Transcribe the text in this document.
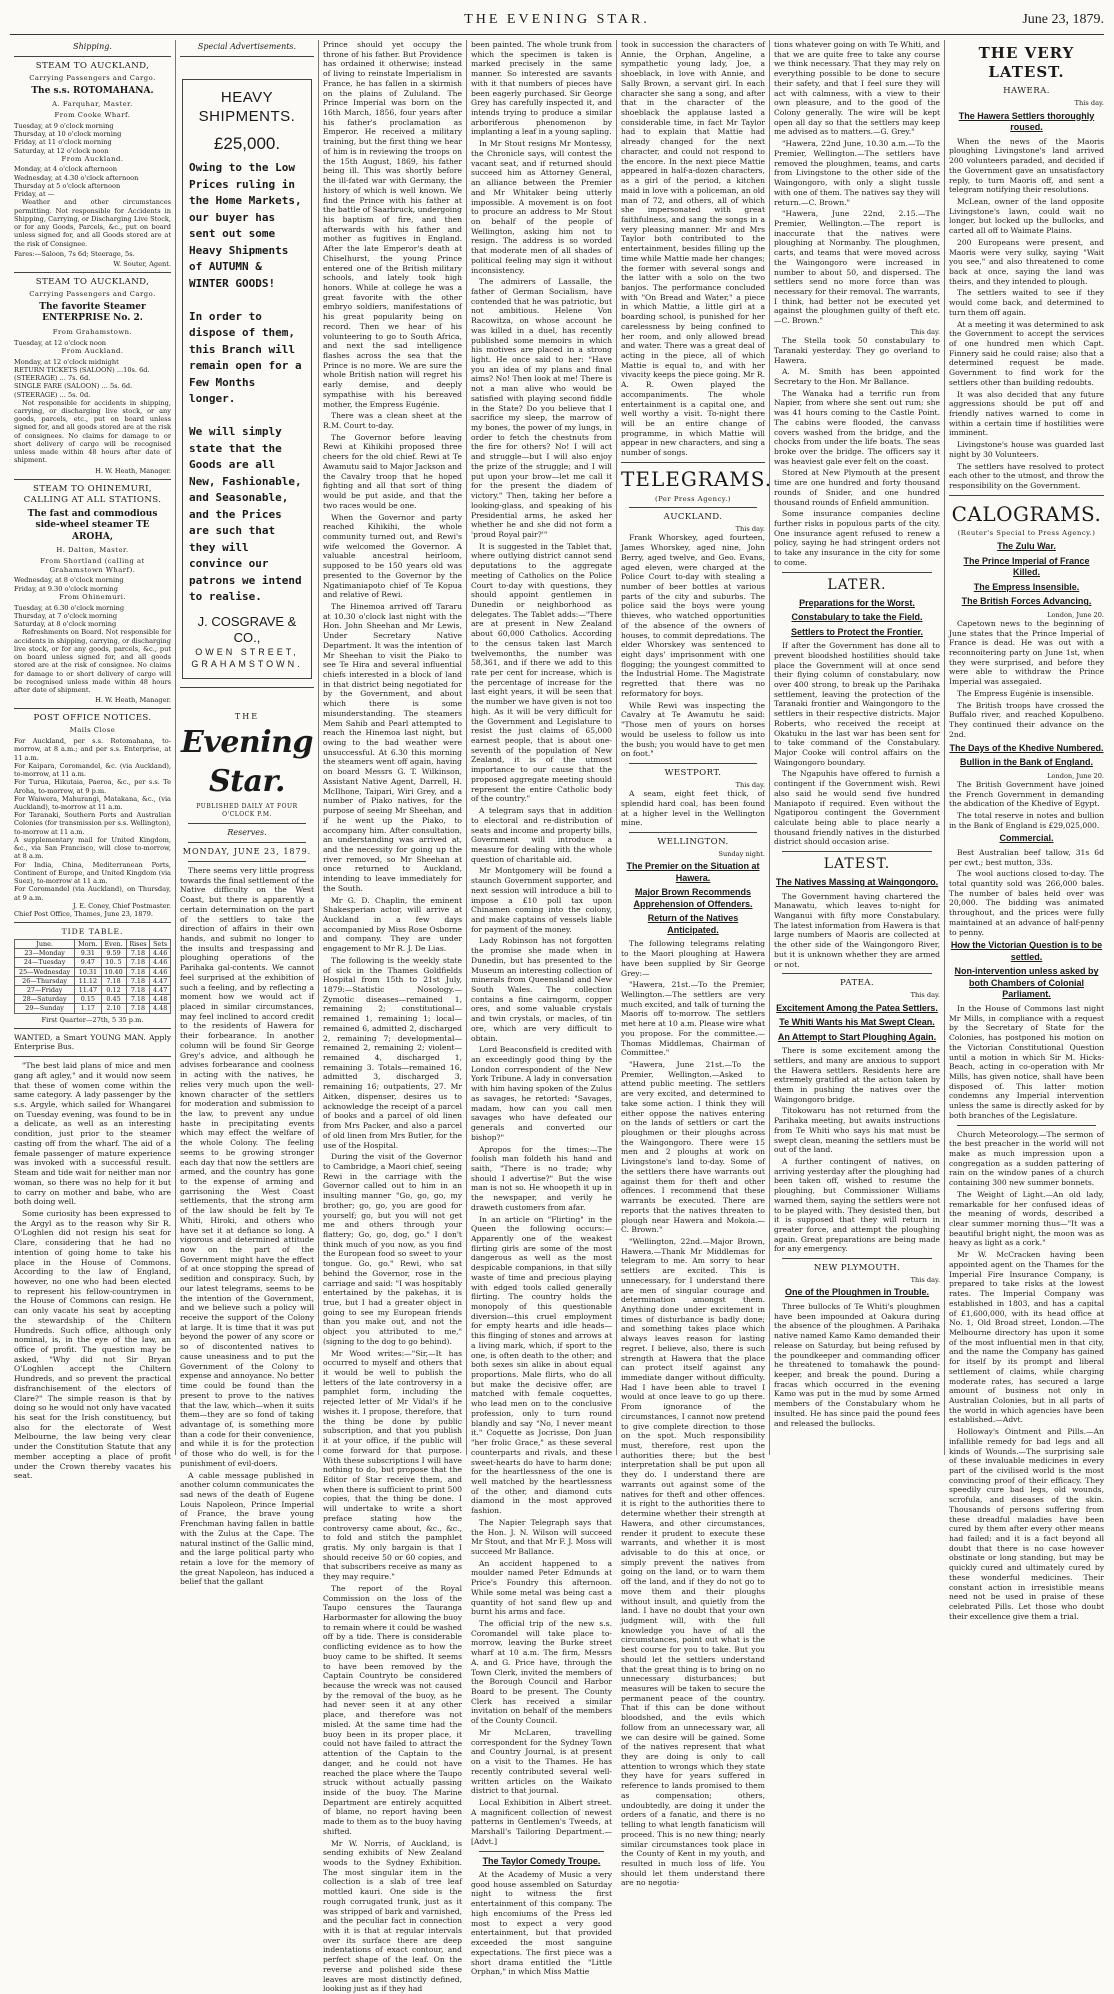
THE EVENING STAR.	June 23, 1879.
Shipping.
STEAM TO AUCKLAND,
Carrying Passengers and Cargo.
The s.s. ROTOMAHANA.
A. Farquhar, Master.
From Cooke Wharf.
Tuesday, at 9 o'clock morning
Thursday, at 10 o'clock morning
Friday, at 11 o'clock morning
Saturday, at 12 o'clock noon
From Auckland.
Monday, at 4 o'clock afternoon
Wednesday, at 4.30 o'clock afternoon
Thursday at 5 o'clock afternoon
Friday, at —

Weather and other circumstances permitting. Not responsible for Accidents in Shipping, Carrying, or Discharging Live Stock, or for any Goods, Parcels, &c., put on board unless signed for, and all Goods stored are at the risk of Consignee.

Fares:—Saloon, 7s 6d; Steerage, 5s.

W. Souter, Agent.
STEAM TO AUCKLAND,
Carrying Passengers and Cargo.
The favorite Steamer ENTERPRISE No. 2.
From Grahamstown.
Tuesday, at 12 o'clock noon
From Auckland.
Monday, at 12 o'clock midnight
RETURN TICKETS (SALOON) ...10s. 6d.
(STEERAGE) ... 7s. 6d.
SINGLE FARE (SALOON) ... 5s. 6d.
(STEERAGE) ... 5s. 0d.

Not responsible for accidents in shipping, carrying, or discharging live stock, or any goods, parcels, etc., put on board unless signed for, and all goods stored are at the risk of consignees. No claims for damage to or short delivery of cargo will be recognised unless made within 48 hours after date of shipment.

H. W. Heath, Manager.
STEAM TO OHINEMURI, CALLING AT ALL STATIONS.
The fast and commodious side-wheel steamer TE AROHA,
H. Dalton, Master.
From Shortland (calling at Grahamstown Wharf).
Wednesday, at 8 o'clock morning
Friday, at 9.30 o'clock morning
From Ohinemuri.
Tuesday, at 6.30 o'clock morning
Thursday, at 7 o'clock morning
Saturday, at 8 o'clock morning

Refreshments on Board. Not responsible for accidents in shipping, carrying, or discharging live stock, or for any goods, parcels, &c., put on board unless signed for, and all goods stored are at the risk of consignee. No claims for damage to or short delivery of cargo will be recognised unless made within 48 hours after date of shipment.

H. W. Heath, Manager.
POST OFFICE NOTICES.
Mails Close
For Auckland, per s.s. Rotomahana, to-morrow, at 8 a.m.; and per s.s. Enterprise, at 11 a.m.
For Kaipara, Coromandel, &c. (via Auckland), to-morrow, at 11 a.m.
For Turua, Hikutaia, Paeroa, &c., per s.s. Te Aroha, to-morrow, at 9 p.m.
For Waiwera, Mahurangi, Matakana, &c., (via Auckland), to-morrow at 11 a.m.
For Taranaki, Southern Ports and Australian Colonies (for transmission per s.s. Wellington), to-morrow at 11 a.m.
A supplementary mail for United Kingdom, &c., via San Francisco, will close to-morrow, at 8 a.m.
For India, China, Mediterranean Ports, Continent of Europe, and United Kingdom (via Suez), to-morrow at 11 a.m.
For Coromandel (via Auckland), on Thursday, at 9 a.m.
J. E. Coney, Chief Postmaster.
Chief Post Office, Thames, June 23, 1879.
TIDE TABLE.
June.	Morn.	Even.	Rises	Sets
23—Monday	9.31	9.59	7.18	4.46
24—Tuesday	9.47	10. 5	7.18	4.46
25—Wednesday	10.31	10.40	7.18	4.46
26—Thursday	11.12	7.18	7.18	4.47
27—Friday	11.47	0.12	7.18	4.47
28—Saturday	0.15	0.45	7.18	4.48
29—Sunday	1.17	2.10	7.18	4.48
First Quarter—27th, 5 35 p.m.

WANTED, a Smart YOUNG MAN. Apply Enterprise Bus.

"The best laid plans of mice and men gang aft agley," and it would now seem that these of women come within the same category. A lady passenger by the s.s. Argyle, which sailed for Whangarei on Tuesday evening, was found to be in a delicate, as well as an interesting condition, just prior to the steamer casting off from the wharf. The aid of a female passenger of mature experience was invoked with a successful result. Steam and tide wait for neither man nor woman, so there was no help for it but to carry on mother and babe, who are both doing well.

Some curiosity has been expressed to the Argyl as to the reason why Sir R. O'Loghlen did not resign his seat for Clare, considering that he had no intention of going home to take his place in the House of Commons. According to the law of England, however, no one who had been elected to represent his fellow-countrymen in the House of Commons can resign. He can only vacate his seat by accepting the stewardship of the Chiltern Hundreds. Such office, although only nominal, is, in the eye of the law, an office of profit. The question may be asked, "Why did not Sir Bryan O'Loghlen accept the Chiltern Hundreds, and so prevent the practical disfranchisement of the electors of Clare?" The simple reason is that by doing so he would not only have vacated his seat for the Irish constituency, but also for the electorate of West Melbourne, the law being very clear under the Constitution Statute that any member accepting a place of profit under the Crown thereby vacates his seat.

Special Advertisements.
HEAVY SHIPMENTS.
£25,000.
Owing to the Low Prices ruling in the Home Markets, our buyer has sent out some Heavy Shipments of AUTUMN & WINTER GOODS!

In order to dispose of them, this Branch will remain open for a Few Months longer.

We will simply state that the Goods are all New, Fashionable, and Seasonable, and the Prices are such that they will convince our patrons we intend to realise.
J. COSGRAVE & CO.,
OWEN STREET,
GRAHAMSTOWN.
THE
Evening Star.
PUBLISHED DAILY AT FOUR O'CLOCK P.M.
Reserves.
MONDAY, JUNE 23, 1879.

There seems very little progress towards the final settlement of the Native difficulty on the West Coast, but there is apparently a certain determination on the part of the settlers to take the direction of affairs in their own hands, and submit no longer to the insults and trespassing and ploughing operations of the Parihaka gal-contents. We cannot feel surprised at the exhibition of such a feeling, and by reflecting a moment how we would act if placed in similar circumstances, may feel inclined to accord credit to the residents of Hawera for their forbearance. In another column will be found Sir George Grey's advice, and although he advises forbearance and coolness in acting with the natives, he relies very much upon the well-known character of the settlers for moderation and submission to the law, to prevent any undue haste in precipitating events which may effect the welfare of the whole Colony. The feeling seems to be growing stronger each day that now the settlers are armed, and the country has gone to the expense of arming and garrisoning the West Coast settlements, that the strong arm of the law should be felt by Te Whiti, Hiroki, and others who have set it at defiance so long. A vigorous and determined attitude now on the part of the Government might have the effect of at once stopping the spread of sedition and conspiracy. Such, by our latest telegrams, seems to be the intention of the Government, and we believe such a policy will receive the support of the Colony at large. It is time that it was put beyond the power of any score or so of discontented natives to cause uneasiness and to put the Government of the Colony to expense and annoyance. No better time could be found than the present to prove to the natives that the law, which—when it suits them—they are so fond of taking advantage of, is something more than a code for their convenience, and while it is for the protection of those who do well, is for the punishment of evil-doers.

A cable message published in another column communicates the sad news of the death of Eugene Louis Napoleon, Prince Imperial of France, the brave young Frenchman having fallen in battle with the Zulus at the Cape. The natural instinct of the Gallic mind, and the large political party who retain a love for the memory of the great Napoleon, has induced a belief that the gallant

Prince should yet occupy the throne of his father. But Providence has ordained it otherwise; instead of living to reinstate Imperialism in France, he has fallen in a skirmish on the plains of Zululand. The Prince Imperial was born on the 16th March, 1856, four years after his father's proclamation as Emperor. He received a military training, but the first thing we hear of him is in reviewing the troops on the 15th August, 1869, his father being ill. This was shortly before the ill-fated war with Germany, the history of which is well known. We find the Prince with his father at the battle of Saarbruck, undergoing his baptism of fire, and then afterwards with his father and mother as fugitives in England. After the late Emperor's death at Chiselhurst, the young Prince entered one of the British military schools, and lately took high honors. While at college he was a great favorite with the other embryo soldiers, manifestations of his great popularity being on record. Then we hear of his volunteering to go to South Africa, and next the sad intelligence flashes across the sea that the Prince is no more. We are sure the whole British nation will regret his early demise, and deeply sympathise with his bereaved mother, the Empress Eugénie.

There was a clean sheet at the R.M. Court to-day.

The Governor before leaving Rewi at Kihikihi proposed three cheers for the old chief. Rewi at Te Awamutu said to Major Jackson and the Cavalry troop that he hoped fighting and all that sort of thing would be put aside, and that the two races would be one.

When the Governor and party reached Kihikihi, the whole community turned out, and Rewi's wife welcomed the Governor. A valuable ancestral heirloom, supposed to be 150 years old was presented to the Governor by the Ngatimaniapoto chief of Te Kopua and relative of Rewi.

The Hinemoa arrived off Tararu at 10.30 o'clock last night with the Hon. John Sheehan and Mr Lewis, Under Secretary Native Department. It was the intention of Mr Sheehan to visit the Piako to see Te Hira and several influential chiefs interested in a block of land in that district being negotiated for by the Government, and about which there is some misunderstanding. The steamers Mem Sahib and Pearl attempted to reach the Hinemoa last night, but owing to the bad weather were unsuccessful. At 6.30 this morning the steamers went off again, having on board Messrs G. T. Wilkinson, Assistant Native Agent, Darrell, H. McIlhone, Taipari, Wiri Grey, and a number of Piako natives, for the purpose of seeing Mr Sheehan, and if he went up the Piako, to accompany him. After consultation, an understanding was arrived at, and the necessity for going up the river removed, so Mr Sheehan at once returned to Auckland, intending to leave immediately for the South.

Mr G. D. Chaplin, the eminent Shakesperian actor, will arrive at Auckland in a few days accompanied by Miss Rose Osborne and company. They are under engagement to Mr R. J. De Lias.

The following is the weekly state of sick in the Thames Goldfields Hospital from 15th to 21st July, 1879:—Statistic Nosology.—Zymotic diseases—remained 1, remaining 2; constitutional—remained 1, remaining 1; local—remained 6, admitted 2, discharged 2, remaining 7; developmental—remained 2, remaining 2; violent—remained 4, discharged 1, remaining 3. Totals—remained 16, admitted 3, discharged 3, remaining 16; outpatients, 27. Mr Aitken, dispenser, desires us to acknowledge the receipt of a parcel of books and a parcel of old linen from Mrs Packer, and also a parcel of old linen from Mrs Butler, for the use of the Hospital.

During the visit of the Governor to Cambridge, a Maori chief, seeing Rewi in the carriage with the Governor called out to him in an insulting manner "Go, go, go, my brother; go, go, you are good for yourself; go, but you will not get me and others through your flattery; Go, go, dog, go." I don't think much of you now, as you find the European food so sweet to your tongue. Go, go." Rewi, who sat behind the Governor, rose in the carriage and said: "I was hospitably entertained by the pakehas, it is true, but I had a greater object in going to see my European friends than you make out, and not the object you attributed to me," (signing to the dog to go behind).

Mr Wood writes:—"Sir,—It has occurred to myself and others that it would be well to publish the letters of the late controversy in a pamphlet form, including the rejected letter of Mr Vidal's if he wishes it. I propose, therefore, that the thing be done by public subscription, and that you publish it at your office, if the public will come forward for that purpose. With these subscriptions I will have nothing to do, but propose that the Editor of Star receive them, and when there is sufficient to print 500 copies, that the thing be done. I will undertake to write a short preface stating how the controversy came about, &c., &c., to fold and stitch the pamphlet gratis. My only bargain is that I should receive 50 or 60 copies, and that subscribers receive as many as they may require."

The report of the Royal Commission on the loss of the Taupo censures the Tauranga Harbormaster for allowing the buoy to remain where it could be washed off by a tide. There is considerable conflicting evidence as to how the buoy came to be shifted. It seems to have been removed by the Captain Countryto be considered because the wreck was not caused by the removal of the buoy, as he had never seen it at any other place, and therefore was not misled. At the same time had the buoy been in its proper place, it could not have failed to attract the attention of the Captain to the danger, and he could not have reached the place where the Taupo struck without actually passing inside of the buoy. The Marine Department are entirely acquitted of blame, no report having been made to them as to the buoy having shifted.

Mr W. Norris, of Auckland, is sending exhibits of New Zealand woods to the Sydney Exhibition. The most singular item in the collection is a slab of tree leaf mottled kauri. One side is the rough corrugated trunk, just as it was stripped of bark and varnished, and the peculiar fact in connection with it is that at regular intervals over its surface there are deep indentations of exact contour, and perfect shape of the leaf. On the reverse and polished side these leaves are most distinctly defined, looking just as if they had

been painted. The whole trunk from which the specimen is taken is marked precisely in the same manner. So interested are savants with it that numbers of pieces have been eagerly purchased. Sir George Grey has carefully inspected it, and intends trying to produce a similar arboriferous phenomenon by implanting a leaf in a young sapling.

In Mr Stout resigns Mr Montessy, the Chronicle says, will contest the vacant seat, and if returned should succeed him as Attorney General, an alliance between the Premier and Mr Whitaker being utterly impossible. A movement is on foot to procure an address to Mr Stout on behalf of the people of Wellington, asking him not to resign. The address is so worded that moderate men of all shades of political feeling may sign it without inconsistency.

The admirers of Lassalle, the father of German Socialism, have contended that he was patriotic, but not ambitious. Helene Von Racowitza, on whose account he was killed in a duel, has recently published some memoirs in which his motives are placed in a strong light. He once said to her: "Have you an idea of my plans and final aims? No! Then look at me! There is not a man alive who would be satisfied with playing second fiddle in the State? Do you believe that I sacrifice my sleep, the marrow of my bones, the power of my lungs, in order to fetch the chestnuts from the fire for others? No! I will act and struggle—but I will also enjoy the prize of the struggle; and I will put upon your brow—let me call it for the present the diadem of victory." Then, taking her before a looking-glass, and speaking of his Presidential arms, he asked her whether he and she did not form a 'proud Royal pair?'"

It is suggested in the Tablet that, where outlying district cannot send deputations to the aggregate meeting of Catholics on the Police Court to-day with questions, they should appoint gentlemen in Dunedin or neighborhood as delegates. The Tablet adds:—"There are at present in New Zealand about 60,000 Catholics. According to the census taken last March twelvemonths, the number was 58,361, and if there we add to this rate per cent for increase, which is the percentage of increase for the last eight years, it will be seen that the number we have given is not too high. As it will be very difficult for the Government and Legislature to resist the just claims of 65,000 earnest people, that is about one-seventh of the population of New Zealand, it is of the utmost importance to our cause that the proposed aggregate meeting should represent the entire Catholic body of the country."

A telegram says that in addition to electoral and re-distribution of seats and income and property bills, Government will introduce a measure for dealing with the whole question of charitable aid.

Mr Montgomery will be found a staunch Government supporter, and next session will introduce a bill to impose a £10 poll tax upon Chinamen coming into the colony, and make captains of vessels liable for payment of the money.

Lady Robinson has not forgotten the promise she made when in Dunedin, but has presented to the Museum an interesting collection of minerals from Queensland and New South Wales. The collection contains a fine cairngorm, copper ores, and some valuable crystals and twin crystals, or macles, of tin ore, which are very difficult to obtain.

Lord Beaconsfield is credited with an exceedingly good thing by the London correspondent of the New York Tribune. A lady in conversation with him having spoken of the Zulus as savages, he retorted: "Savages, madam, how can you call men savages who have defeated our generals and converted our bishop?"

Apropos for the times:—The foolish man foldeth his hand and saith, "There is no trade; why should I advertise?" But the wise man is not so. He whoopeth it up in the newspaper, and verily he draweth customers from afar.

In an article on "Flirting" in the Queen the following occurs:—Apparently one of the weakest flirting girls are some of the most dangerous as well as the most despicable companions, in that silly waste of time and precious playing with edged tools called generally flirting. The country holds the monopoly of this questionable diversion—this cruel employment for empty hearts and idle heads—this flinging of stones and arrows at a living mark, which, if sport to the one, is often death to the other; and both sexes sin alike in about equal proportions. Male flirts, who do all but make the decisive offer, are matched with female coquettes, who lead men on to the conclusive profession, only to turn round blandly and say "No, I never meant it." Coquette as Jocrisse, Don Juan "her frolic Grace," as these several counterparts and rivals, and these sweet-hearts do have to harm done; for the heartlessness of the one is well matched by the heartlessness of the other, and diamond cuts diamond in the most approved fashion.

The Napier Telegraph says that the Hon. J. N. Wilson will succeed Mr Stout, and that Mr F. J. Moss will succeed Mr Ballance.

An accident happened to a moulder named Peter Edmunds at Price's Foundry this afternoon. While some metal was being cast a quantity of hot sand flew up and burnt his arms and face.

The official trip of the new s.s. Coromandel will take place to-morrow, leaving the Burke street wharf at 10 a.m. The firm, Messrs A. and G. Price have, through the Town Clerk, invited the members of the Borough Council and Harbor Board to be present. The County Clerk has received a similar invitation on behalf of the members of the County Council.

Mr McLaren, travelling correspondent for the Sydney Town and Country Journal, is at present on a visit to the Thames. He has recently contributed several well-written articles on the Waikato district to that journal.

Local Exhibition in Albert street. A magnificent collection of newest patterns in Gentlemen's Tweeds, at Marshall's Tailoring Department.—[Advt.]

The Taylor Comedy Troupe.

At the Academy of Music a very good house assembled on Saturday night to witness the first entertainment of this company. The high encomiums of the Press led most to expect a very good entertainment, but that provided exceeded the most sanguine expectations. The first piece was a short drama entitled the "Little Orphan," in which Miss Mattie

took in succession the characters of Annie, the Orphan, Angeline, a sympathetic young lady, Joe, a shoeblack, in love with Annie, and Sally Brown, a servant girl. In each character she sang a song, and after that in the character of the shoeblack the applause lasted a considerable time, in fact Mr Taylor had to explain that Mattie had already changed for the next character, and could not respond to the encore. In the next piece Mattie appeared in half-a-dozen characters, as a girl of the period, a kitchen maid in love with a policeman, an old man of 72, and others, all of which she impersonated with great faithfulness, and sang the songs in a very pleasing manner. Mr and Mrs Taylor both contributed to the entertainment, besides filling up the time while Mattie made her changes; the former with several songs and the latter with a solo on the two banjos. The performance concluded with "On Bread and Water," a piece in which Mattie, a little girl at a boarding school, is punished for her carelessness by being confined to her room, and only allowed bread and water. There was a great deal of acting in the piece, all of which Mattie is equal to, and with her vivacity keeps the piece going. Mr R. A. R. Owen played the accompaniments. The whole entertainment is a capital one, and well worthy a visit. To-night there will be an entire change of programme, in which Mattie will appear in new characters, and sing a number of songs.

TELEGRAMS.
(Per Press Agency.)
AUCKLAND.
This day.

Frank Whorskey, aged fourteen, James Whorskey, aged nine, John Berry, aged twelve, and Geo. Evans, aged eleven, were charged at the Police Court to-day with stealing a number of beer bottles at various parts of the city and suburbs. The police said the boys were young thieves, who watched opportunities of the absence of the owners of houses, to commit depredations. The elder Whorskey was sentenced to eight days' imprisonment with one flogging; the youngest committed to the Industrial Home. The Magistrate regretted that there was no reformatory for boys.

While Rewi was inspecting the Cavalry at Te Awamutu he said: "Those men of yours on horses would be useless to follow us into the bush; you would have to get men on foot."

WESTPORT.
This day.

A seam, eight feet thick, of splendid hard coal, has been found at a higher level in the Wellington mine.

WELLINGTON.
Sunday night.
The Premier on the Situation at Hawera.
Major Brown Recommends Apprehension of Offenders.
Return of the Natives Anticipated.

The following telegrams relating to the Maori ploughing at Hawera have been supplied by Sir George Grey:—

"Hawera, 21st.—To the Premier, Wellington.—The settlers are very much excited, and talk of turning the Maoris off to-morrow. The settlers met here at 10 a.m. Please wire what you propose. For the committee.—Thomas Middlemas, Chairman of Committee."

"Hawera, June 21st.—To the Premier, Wellington.—Asked to attend public meeting. The settlers are very excited, and determined to take some action. I think they will either oppose the natives entering on the lands of settlers or cart the ploughmen or their ploughs across the Waingongoro. There were 15 men and 2 ploughs at work on Livingstone's land to-day. Some of the settlers there have warrants out against them for theft and other offences. I recommend that these warrants be executed. There are reports that the natives threaten to plough near Hawera and Mokoia.—C. Brown."

"Wellington, 22nd.—Major Brown, Hawera.—Thank Mr Middlemas for telegram to me. Am sorry to hear settlers are excited. This is unnecessary, for I understand there are men of singular courage and determination amongst them. Anything done under excitement in times of disturbance is badly done; and something takes place which always leaves reason for lasting regret. I believe, also, there is such strength at Hawera that the place can protect itself against any immediate danger without difficulty. Had I have been able to travel I would at once leave to go up there. From ignorance of the circumstances, I cannot now pretend to give complete direction to those on the spot. Much responsibility must, therefore, rest upon the authorities there; but the best interpretation shall be put upon all they do. I understand there are warrants out against some of the natives for theft and other offences. it is right to the authorities there to determine whether their strength at Hawera, and other circumstances, render it prudent to execute these warrants, and whether it is most advisable to do this at once, or simply prevent the natives from going on the land, or to warn them off the land, and if they do not go to move them and their ploughs without insult, and quietly from the land. I have no doubt that your own judgment will, with the full knowledge you have of all the circumstances, point out what is the best course for you to take. But you should let the settlers understand that the great thing is to bring on no unnecessary disturbances; but measures will be taken to secure the permanent peace of the country. That if this can be done without bloodshed, and the evils which follow from an unnecessary war, all we can desire will be gained. Some of the natives represent that what they are doing is only to call attention to wrongs which they state they have for years suffered in reference to lands promised to them as compensation; others, undoubtedly, are doing it under the orders of a fanatic, and there is no telling to what length fanaticism will proceed. This is no new thing; nearly similar circumstances took place in the County of Kent in my youth, and resulted in much loss of life. You should let them understand there are no negotia-

tions whatever going on with Te Whiti, and that we are quite free to take any course we think necessary. That they may rely on everything possible to be done to secure their safety, and that I feel sure they will act with calmness, with a view to their own pleasure, and to the good of the Colony generally. The wire will be kept open all day so that the settlers may keep me advised as to matters.—G. Grey."

"Hawera, 22nd June, 10.30 a.m.—To the Premier, Wellington.—The settlers have removed the ploughmen, teams, and carts from Livingstone to the other side of the Waingongoro, with only a slight tussle with one of them. The natives say they will return.—C. Brown."

"Hawera, June 22nd, 2.15.—The Premier, Wellington.—The report is inaccurate that the natives were ploughing at Normanby. The ploughmen, carts, and teams that were moved across the Waingongoro were increased in number to about 50, and dispersed. The settlers send no more force than was necessary for their removal. The warrants, I think, had better not be executed yet against the ploughmen guilty of theft etc.—C. Brown."

This day.

The Stella took 50 constabulary to Taranaki yesterday. They go overland to Hawera.

A. M. Smith has been appointed Secretary to the Hon. Mr Ballance.

The Wanaka had a terrific run from Napier, from where she sent out rum; she was 41 hours coming to the Castle Point. The cabins were flooded, the canvass covers washed from the bridge, and the chocks from under the life boats. The seas broke over the bridge. The officers say it was heaviest gale ever felt on the coast.

Stored at New Plymouth at the present time are one hundred and forty thousand rounds of Snider, and one hundred thousand rounds of Enfield ammunition.

Some insurance companies decline further risks in populous parts of the city. One insurance agent refused to renew a policy, saying he had stringent orders not to take any insurance in the city for some to come.

LATER.
Preparations for the Worst.
Constabulary to take the Field.
Settlers to Protect the Frontier.

If after the Government has done all to prevent bloodshed hostilities should take place the Government will at once send their flying column of constabulary, now over 400 strong, to break up the Parihaka settlement, leaving the protection of the Taranaki frontier and Waingongoro to the settlers in their respective districts. Major Roberts, who received the receipt at Okatuku in the last war has been sent for to take command of the Constabulary. Major Cooke will control affairs on the Waingongoro boundary.

The Ngapuhis have offered to furnish a contingent if the Government wish. Rewi also said he would send five hundred Maniapoto if required. Even without the Ngatiporou contingent the Government calculate being able to place nearly a thousand friendly natives in the disturbed district should occasion arise.

LATEST.
The Natives Massing at Waingongoro.

The Government having chartered the Manawatu, which leaves to-night for Wanganui with fifty more Constabulary. The latest information from Hawera is that large numbers of Maoris are collected at the other side of the Waingongoro River, but it is unknown whether they are armed or not.

PATEA.
This day.
Excitement Among the Patea Settlers.
Te Whiti Wants his Mat Swept Clean.
An Attempt to Start Ploughing Again.

There is some excitement among the settlers, and many are anxious to support the Hawera settlers. Residents here are extremely gratified at the action taken by them in pushing the natives over the Waingongoro bridge.

Titokowaru has not returned from the Parihaka meeting, but awaits instructions from Te Whiti who says his mat must be swept clean, meaning the settlers must be out of the land.

A further contingent of natives, on arriving yesterday after the ploughing had been taken off, wished to resume the ploughing, but Commissioner Williams warned them, saying the settlers were not to be played with. They desisted then, but it is supposed that they will return in greater force, and attempt the ploughing again. Great preparations are being made for any emergency.

NEW PLYMOUTH.
This day.
One of the Ploughmen in Trouble.

Three bullocks of Te Whiti's ploughmen have been impounded at Oakura during the absence of the ploughmen. A Parihaka native named Kamo Kamo demanded their release on Saturday, but being refused by the poundkeeper and commanding officer he threatened to tomahawk the pound-keeper, and break the pound. During a fracas which occurred in the evening Kamo was put in the mud by some Armed members of the Constabulary whom he insulted. He has since paid the pound fees and released the bullocks.

THE VERY LATEST.
HAWERA.
This day.
The Hawera Settlers thoroughly roused.

When the news of the Maoris ploughing Livingstone's land arrived 200 volunteers paraded, and decided if the Government gave an unsatisfactory reply, to turn Maoris off, and sent a telegram notifying their resolutions.

McLean, owner of the land opposite Livingstone's lawn, could wait no longer, but locked up the bullocks, and carted all off to Waimate Plains.

200 Europeans were present, and Maoris were very sulky, saying "Wait you see," and also threatened to come back at once, saying the land was theirs, and they intended to plough.

The settlers waited to see if they would come back, and determined to turn them off again.

At a meeting it was determined to ask the Government to accept the services of one hundred men which Capt. Finnery said he could raise; also that a determined request be made. Government to find work for the settlers other than building redoubts.

It was also decided that any future aggressions should be put off and friendly natives warned to come in within a certain time if hostilities were imminent.

Livingstone's house was guarded last night by 30 Volunteers.

The settlers have resolved to protect each other to the utmost, and throw the responsibility on the Government.

CALOGRAMS.
(Reuter's Special to Press Agency.)
The Zulu War.
The Prince Imperial of France Killed.
The Empress Insensible.
The British Forces Advancing.
London, June 20.

Capetown news to the beginning of June states that the Prince Imperial of France is dead. He was out with a reconnoitering party on June 1st, when they were surprised, and before they were able to withdraw the Prince Imperial was assegaied.

The Empress Eugénie is insensible.

The British troops have crossed the Buffalo river, and reached Kopulbeno. They continued their advance on the 2nd.

The Days of the Khedive Numbered.
Bullion in the Bank of England.
London, June 20.

The British Government have joined the French Government in demanding the abdication of the Khedive of Egypt.

The total reserve in notes and bullion in the Bank of England is £29,025,000.

Commercial.

Best Australian beef tallow, 31s 6d per cwt.; best mutton, 33s.

The wool auctions closed to-day. The total quantity sold was 266,000 bales. The number of bales held over was 20,000. The bidding was animated throughout, and the prices were fully maintained at an advance of half-penny to penny.

How the Victorian Question is to be settled.
Non-intervention unless asked by both Chambers of Colonial Parliament.

In the House of Commons last night Mr Mills, in compliance with a request by the Secretary of State for the Colonies, has postponed his motion on the Victorian Constitutional Question until a motion in which Sir M. Hicks-Beach, acting in co-operation with Mr Mills, has given notice, shall have been disposed of. This latter motion condemns any Imperial intervention unless the same is directly asked for by both branches of the Legislature.

Church Meteorology.—The sermon of the best preacher in the world will not make as much impression upon a congregation as a sudden pattering of rain on the window panes of a church containing 300 new summer bonnets.

The Weight of Light.—An old lady, remarkable for her confused ideas of the meaning of words, described a clear summer morning thus—"It was a beautiful bright night, the moon was as heavy as light as a cork."

Mr W. McCracken having been appointed agent on the Thames for the Imperial Fire Insurance Company, is prepared to take risks at the lowest rates. The Imperial Company was established in 1803, and has a capital of £1,600,000, with its head office at No. 1, Old Broad street, London.—The Melbourne directory has upon it some of the most influential men in that city, and the name the Company has gained for itself by its prompt and liberal settlement of claims, while charging moderate rates, has secured a large amount of business not only in Australian Colonies, but in all parts of the world in which agencies have been established.—Advt.

Holloway's Ointment and Pills.—An infallible remedy for bad legs and all kinds of Wounds.—The surprising sale of these invaluable medicines in every part of the civilised world is the most convincing proof of their efficacy. They speedily cure bad legs, old wounds, scrofula, and diseases of the skin. Thousands of persons suffering from these dreadful maladies have been cured by them after every other means had failed; and it is a fact beyond all doubt that there is no case however obstinate or long standing, but may be quickly cured and ultimately cured by these wonderful medicines. Their constant action in irresistible means need not be used in praise of these celebrated Pills. Let those who doubt their excellence give them a trial.
